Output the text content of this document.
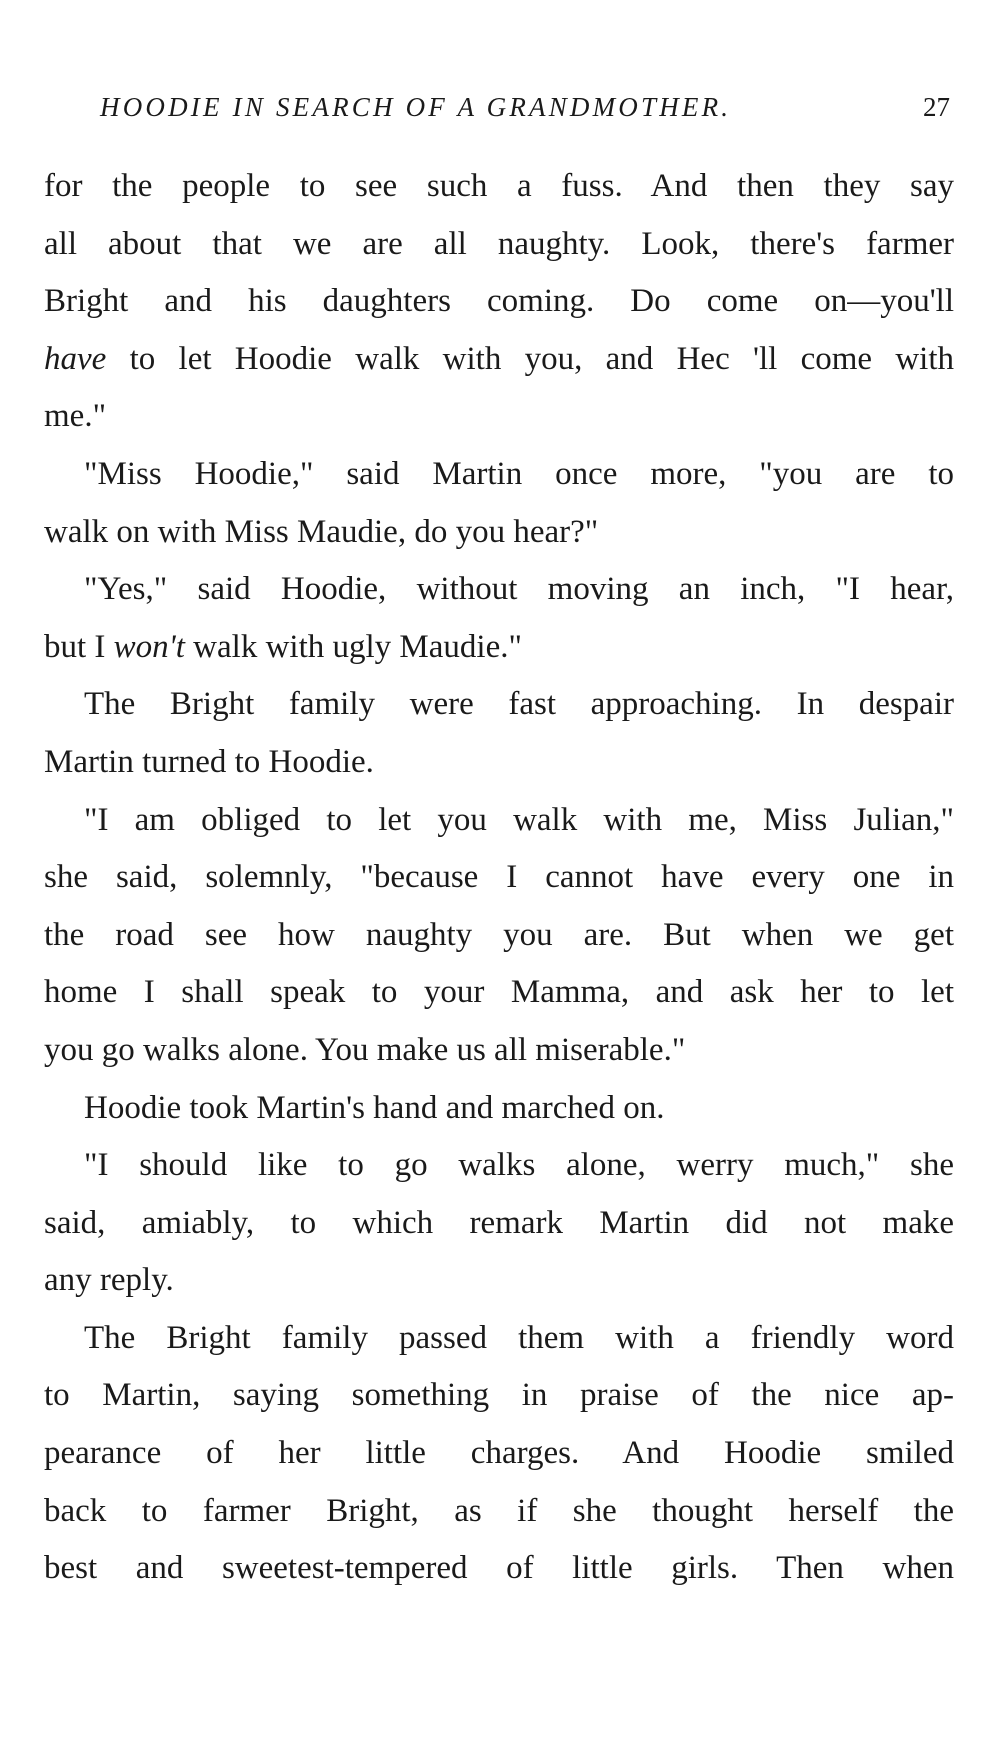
HOODIE IN SEARCH OF A GRANDMOTHER.	27
for the people to see such a fuss. And then they say
all about that we are all naughty. Look, there's farmer
Bright and his daughters coming. Do come on—you'll
have to let Hoodie walk with you, and Hec 'll come with
me."
"Miss Hoodie," said Martin once more, "you are to
walk on with Miss Maudie, do you hear?"
"Yes," said Hoodie, without moving an inch, "I hear,
but I won't walk with ugly Maudie."
The Bright family were fast approaching. In despair
Martin turned to Hoodie.
"I am obliged to let you walk with me, Miss Julian,"
she said, solemnly, "because I cannot have every one in
the road see how naughty you are. But when we get
home I shall speak to your Mamma, and ask her to let
you go walks alone. You make us all miserable."
Hoodie took Martin's hand and marched on.
"I should like to go walks alone, werry much," she
said, amiably, to which remark Martin did not make
any reply.
The Bright family passed them with a friendly word
to Martin, saying something in praise of the nice ap-
pearance of her little charges. And Hoodie smiled
back to farmer Bright, as if she thought herself the
best and sweetest-tempered of little girls. Then when
